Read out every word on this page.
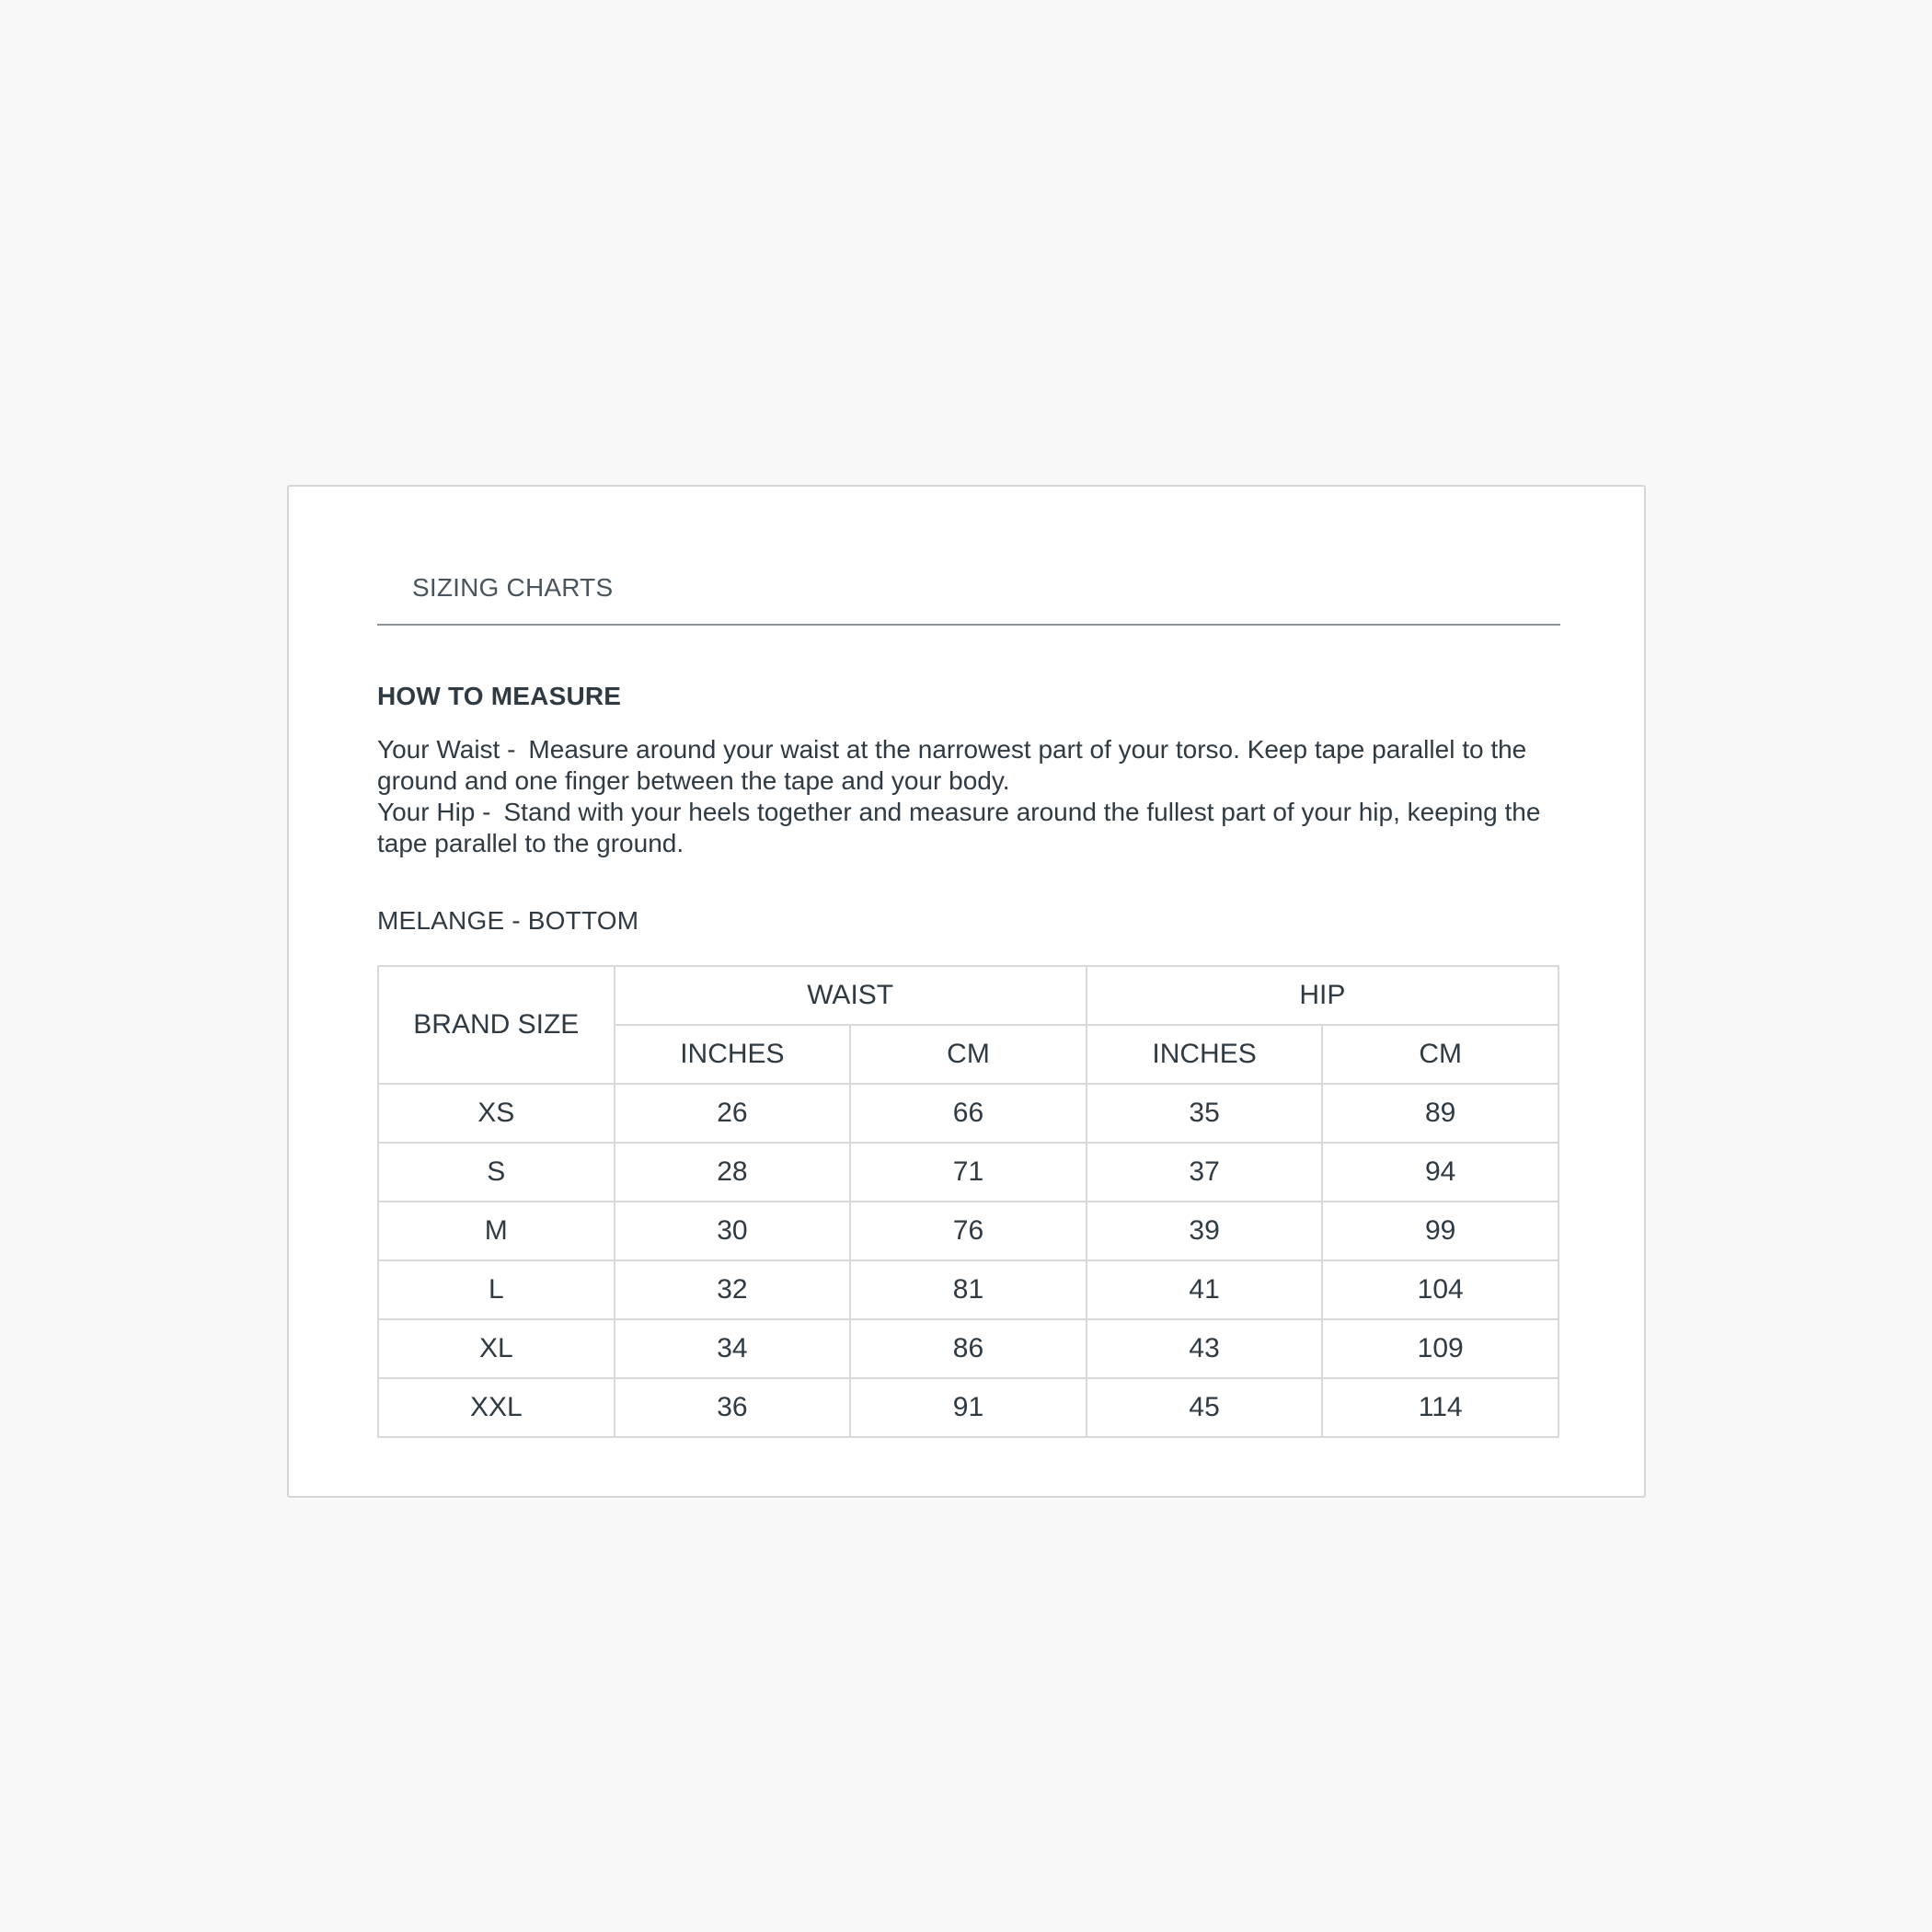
SIZING CHARTS
HOW TO MEASURE

Your Waist - Measure around your waist at the narrowest part of your torso. Keep tape parallel to the ground and one finger between the tape and your body.

Your Hip - Stand with your heels together and measure around the fullest part of your hip, keeping the tape parallel to the ground.

MELANGE - BOTTOM
BRAND SIZE	WAIST		HIP	
	INCHES	CM	INCHES	CM
XS	26	66	35	89
S	28	71	37	94
M	30	76	39	99
L	32	81	41	104
XL	34	86	43	109
XXL	36	91	45	114
